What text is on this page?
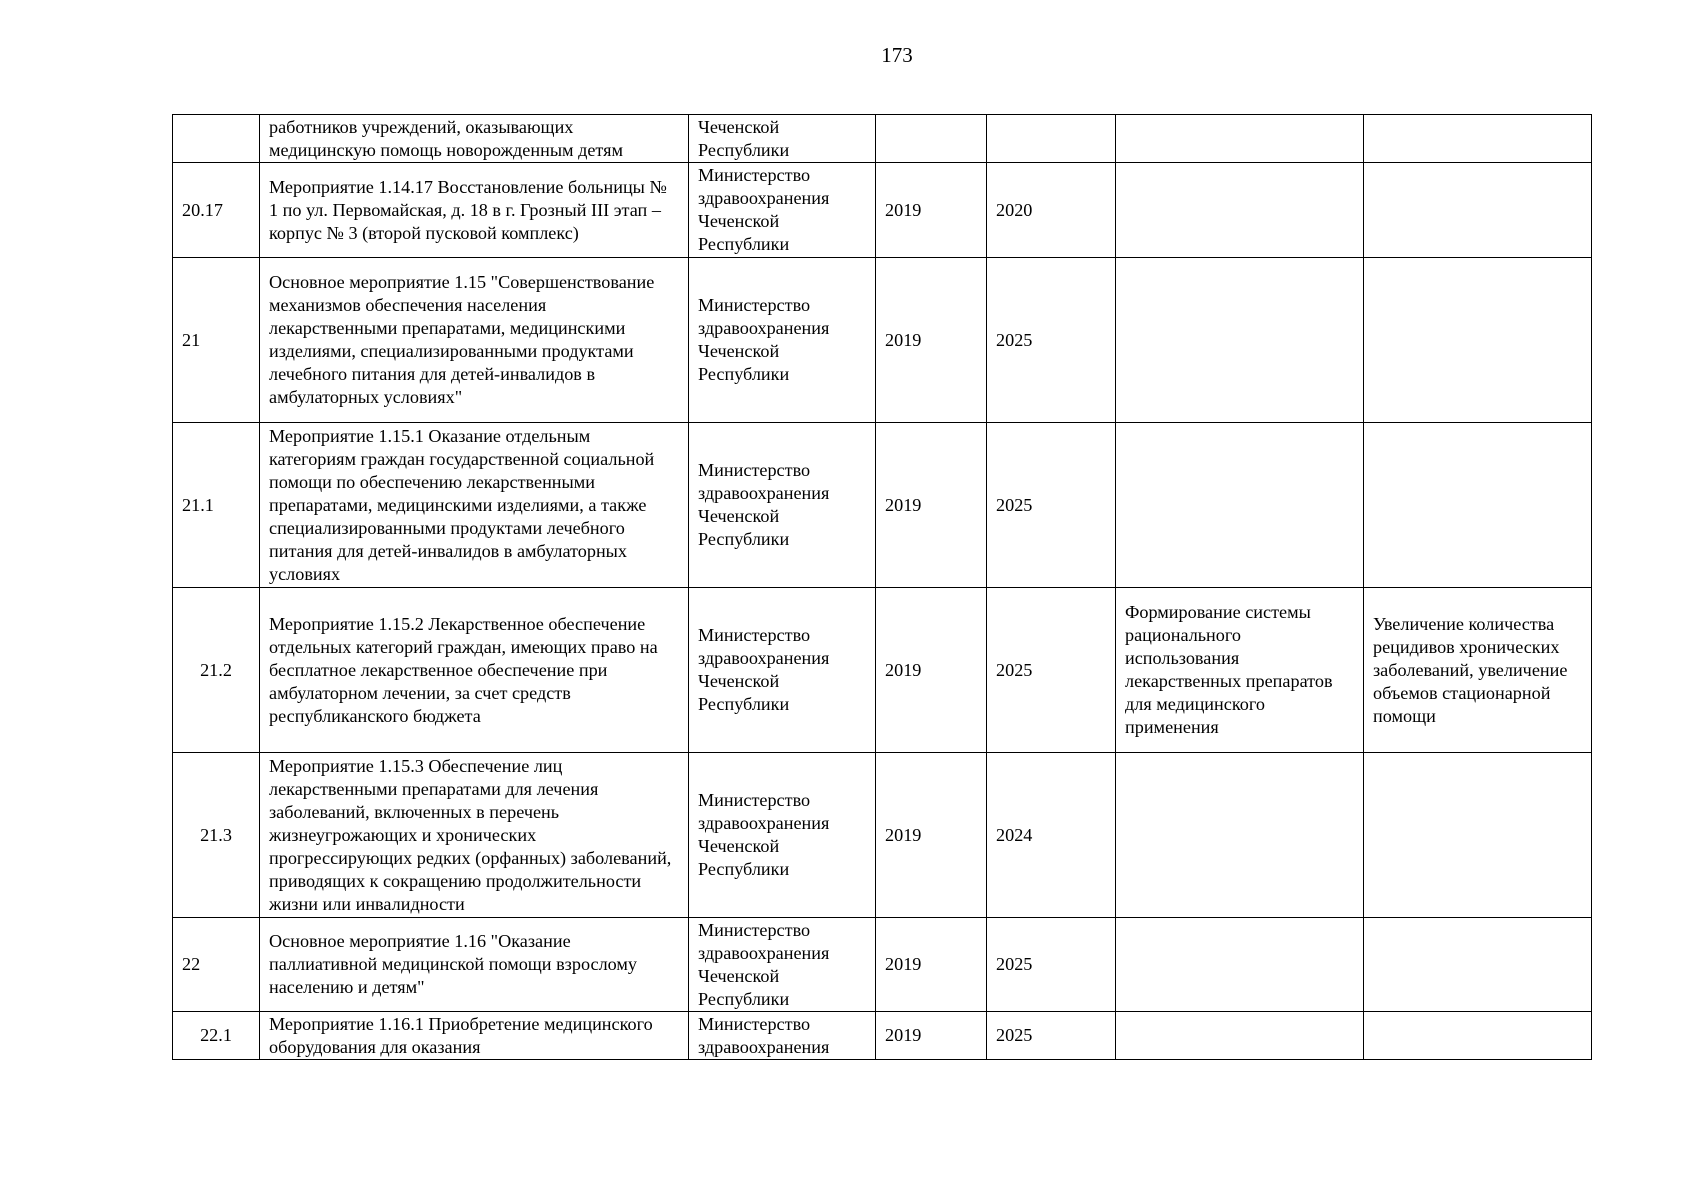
173
	работников учреждений, оказывающих медицинскую помощь новорожденным детям	Чеченской Республики				
20.17	Мероприятие 1.14.17 Восстановление больницы № 1 по ул. Первомайская, д. 18 в г. Грозный III этап – корпус № 3 (второй пусковой комплекс)	Министерство здравоохранения Чеченской Республики	2019	2020		
21	Основное мероприятие 1.15 "Совершенствование механизмов обеспечения населения лекарственными препаратами, медицинскими изделиями, специализированными продуктами лечебного питания для детей-инвалидов в амбулаторных условиях"	Министерство здравоохранения Чеченской Республики	2019	2025		
21.1	Мероприятие 1.15.1 Оказание отдельным категориям граждан государственной социальной помощи по обеспечению лекарственными препаратами, медицинскими изделиями, а также специализированными продуктами лечебного питания для детей-инвалидов в амбулаторных условиях	Министерство здравоохранения Чеченской Республики	2019	2025		
21.2	Мероприятие 1.15.2 Лекарственное обеспечение отдельных категорий граждан, имеющих право на бесплатное лекарственное обеспечение при амбулаторном лечении, за счет средств республиканского бюджета	Министерство здравоохранения Чеченской Республики	2019	2025	Формирование системы рационального использования лекарственных препаратов для медицинского применения	Увеличение количества рецидивов хронических заболеваний, увеличение объемов стационарной помощи
21.3	Мероприятие 1.15.3 Обеспечение лиц лекарственными препаратами для лечения заболеваний, включенных в перечень жизнеугрожающих и хронических прогрессирующих редких (орфанных) заболеваний, приводящих к сокращению продолжительности жизни или инвалидности	Министерство здравоохранения Чеченской Республики	2019	2024		
22	Основное мероприятие 1.16 "Оказание паллиативной медицинской помощи взрослому населению и детям"	Министерство здравоохранения Чеченской Республики	2019	2025		
22.1	Мероприятие 1.16.1 Приобретение медицинского оборудования для оказания	Министерство здравоохранения	2019	2025		
